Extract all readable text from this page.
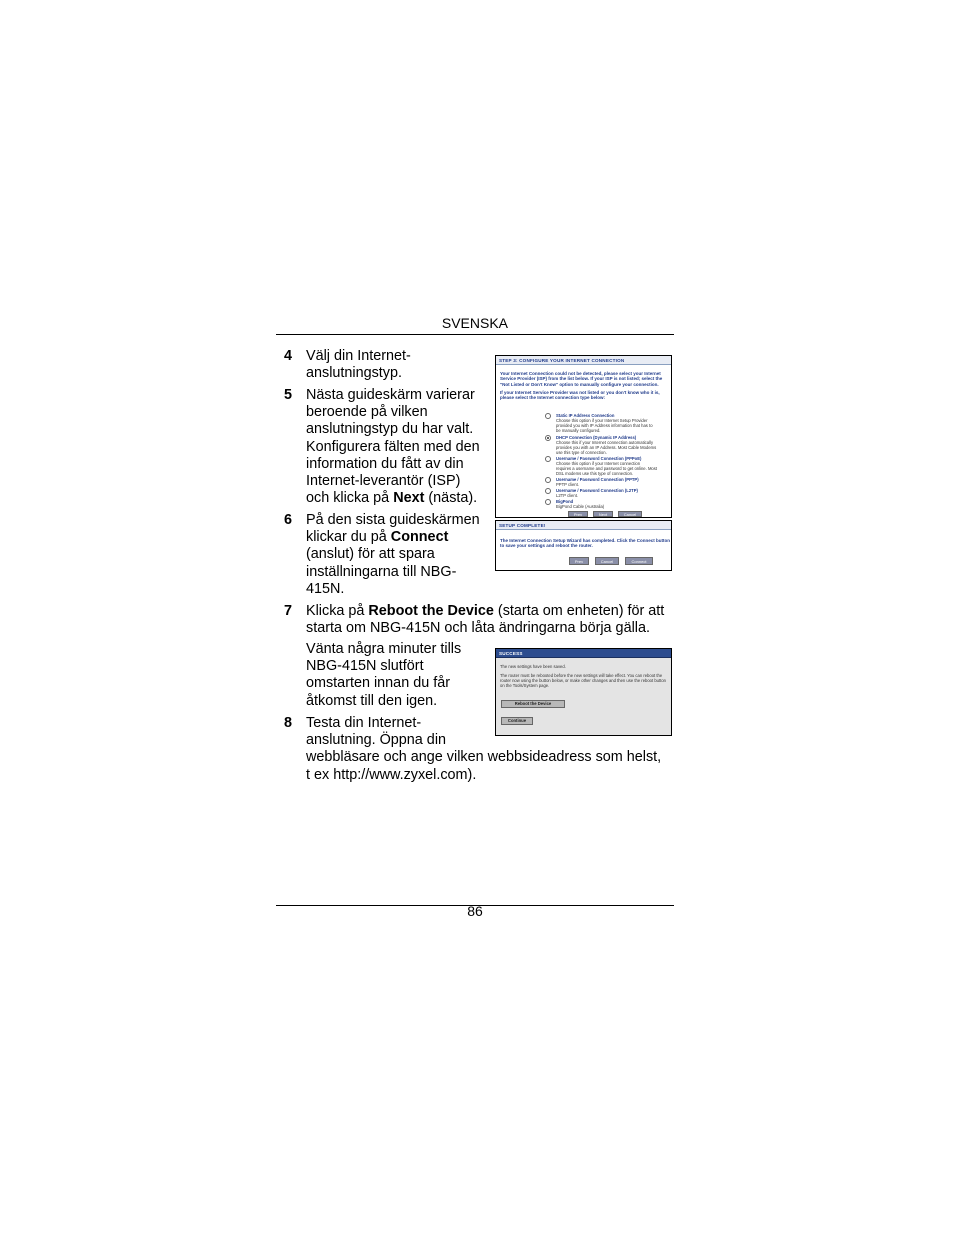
SVENSKA
4 Välj din Internet-
anslutningstyp.
5 Nästa guideskärm varierar
beroende på vilken
anslutningstyp du har valt.
Konfigurera fälten med den
information du fått av din
Internet-leverantör (ISP)
och klicka på Next (nästa).
6 På den sista guideskärmen
klickar du på Connect
(anslut) för att spara
inställningarna till NBG-
415N.
7 Klicka på Reboot the Device (starta om enheten) för att
starta om NBG-415N och låta ändringarna börja gälla.
Vänta några minuter tills
NBG-415N slutfört
omstarten innan du får
åtkomst till den igen.
8 Testa din Internet-
anslutning. Öppna din
webbläsare och ange vilken webbsideadress som helst,
t ex http://www.zyxel.com).
STEP 3: CONFIGURE YOUR INTERNET CONNECTION
Your Internet Connection could not be detected, please select your Internet
Service Provider (ISP) from the list below. If your ISP is not listed; select the
"Not Listed or Don't Know" option to manually configure your connection.
If your Internet Service Provider was not listed or you don't know who it is,
please select the Internet connection type below:
Static IP Address Connection
Choose this option if your Internet Setup Provider
provided you with IP Address information that has to
be manually configured.
DHCP Connection (Dynamic IP Address)
Choose this if your Internet connection automatically
provides you with an IP Address. Most Cable Modems
use this type of connection.
Username / Password Connection (PPPoE)
Choose this option if your Internet connection
requires a username and password to get online. Most
DSL modems use this type of connection.
Username / Password Connection (PPTP)
PPTP client.
Username / Password Connection (L2TP)
L2TP client.
BigPond
BigPond Cable (Australia)
Prev	Next	Cancel
SETUP COMPLETE!
The Internet Connection Setup Wizard has completed. Click the Connect button
to save your settings and reboot the router.
Prev	Cancel	Connect
SUCCESS
The new settings have been saved.
The router must be rebooted before the new settings will take effect. You can reboot the
router now using the button below, or make other changes and then use the reboot button
on the Tools/System page.
Reboot the Device
Continue
86
